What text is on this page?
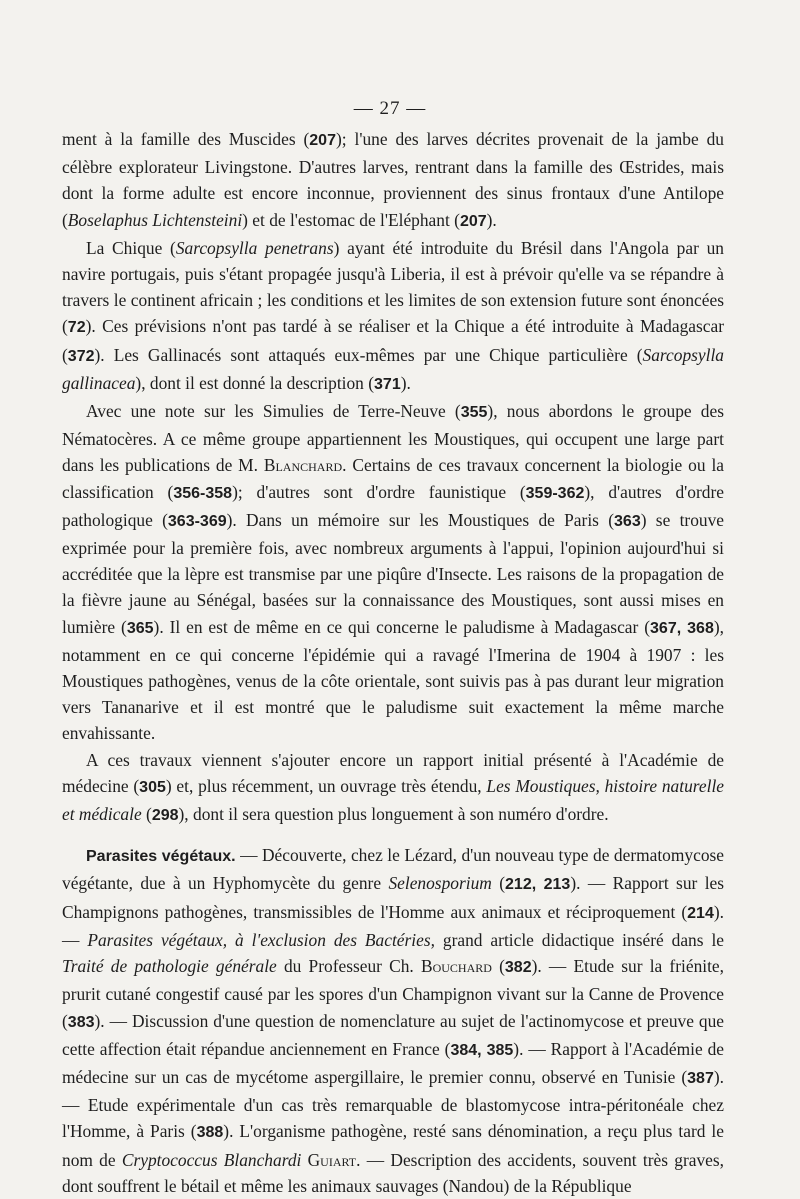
— 27 —

ment à la famille des Muscides (207); l'une des larves décrites provenait de la jambe du célèbre explorateur Livingstone. D'autres larves, rentrant dans la famille des Œstrides, mais dont la forme adulte est encore inconnue, proviennent des sinus frontaux d'une Antilope (Boselaphus Lichtensteini) et de l'estomac de l'Eléphant (207).

La Chique (Sarcopsylla penetrans) ayant été introduite du Brésil dans l'Angola par un navire portugais, puis s'étant propagée jusqu'à Liberia, il est à prévoir qu'elle va se répandre à travers le continent africain ; les conditions et les limites de son extension future sont énoncées (72). Ces prévisions n'ont pas tardé à se réaliser et la Chique a été introduite à Madagascar (372). Les Gallinacés sont attaqués eux-mêmes par une Chique particulière (Sarcopsylla gallinacea), dont il est donné la description (371).

Avec une note sur les Simulies de Terre-Neuve (355), nous abordons le groupe des Nématocères. A ce même groupe appartiennent les Moustiques, qui occupent une large part dans les publications de M. Blanchard. Certains de ces travaux concernent la biologie ou la classification (356-358); d'autres sont d'ordre faunistique (359-362), d'autres d'ordre pathologique (363-369). Dans un mémoire sur les Moustiques de Paris (363) se trouve exprimée pour la première fois, avec nombreux arguments à l'appui, l'opinion aujourd'hui si accréditée que la lèpre est transmise par une piqûre d'Insecte. Les raisons de la propagation de la fièvre jaune au Sénégal, basées sur la connaissance des Moustiques, sont aussi mises en lumière (365). Il en est de même en ce qui concerne le paludisme à Madagascar (367, 368), notamment en ce qui concerne l'épidémie qui a ravagé l'Imerina de 1904 à 1907 : les Moustiques pathogènes, venus de la côte orientale, sont suivis pas à pas durant leur migration vers Tananarive et il est montré que le paludisme suit exactement la même marche envahissante.

A ces travaux viennent s'ajouter encore un rapport initial présenté à l'Académie de médecine (305) et, plus récemment, un ouvrage très étendu, Les Moustiques, histoire naturelle et médicale (298), dont il sera question plus longuement à son numéro d'ordre.

Parasites végétaux. — Découverte, chez le Lézard, d'un nouveau type de dermatomycose végétante, due à un Hyphomycète du genre Selenosporium (212, 213). — Rapport sur les Champignons pathogènes, transmissibles de l'Homme aux animaux et réciproquement (214). — Parasites végétaux, à l'exclusion des Bactéries, grand article didactique inséré dans le Traité de pathologie générale du Professeur Ch. Bouchard (382). — Etude sur la friénite, prurit cutané congestif causé par les spores d'un Champignon vivant sur la Canne de Provence (383). — Discussion d'une question de nomenclature au sujet de l'actinomycose et preuve que cette affection était répandue anciennement en France (384, 385). — Rapport à l'Académie de médecine sur un cas de mycétome aspergillaire, le premier connu, observé en Tunisie (387). — Etude expérimentale d'un cas très remarquable de blastomycose intra-péritonéale chez l'Homme, à Paris (388). L'organisme pathogène, resté sans dénomination, a reçu plus tard le nom de Cryptococcus Blanchardi Guiart. — Description des accidents, souvent très graves, dont souffrent le bétail et même les animaux sauvages (Nandou) de la République
